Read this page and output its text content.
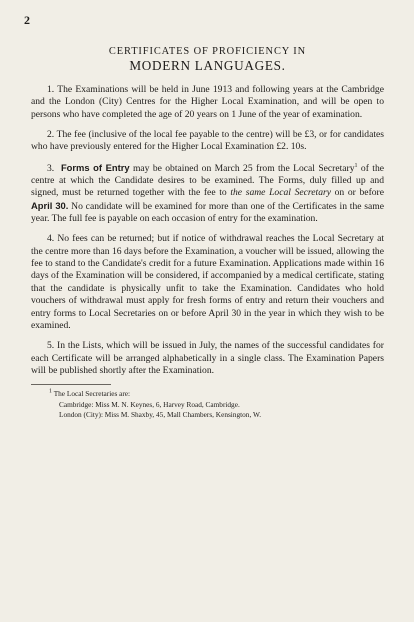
2
CERTIFICATES OF PROFICIENCY IN
MODERN LANGUAGES.

1. The Examinations will be held in June 1913 and following years at the Cambridge and the London (City) Centres for the Higher Local Examination, and will be open to persons who have completed the age of 20 years on 1 June of the year of examination.

2. The fee (inclusive of the local fee payable to the centre) will be £3, or for candidates who have previously entered for the Higher Local Examination £2. 10s.

3. Forms of Entry may be obtained on March 25 from the Local Secretary$^1$ of the centre at which the Candidate desires to be examined. The Forms, duly filled up and signed, must be returned together with the fee to the same Local Secretary on or before April 30. No candidate will be examined for more than one of the Certificates in the same year. The full fee is payable on each occasion of entry for the examination.

4. No fees can be returned; but if notice of withdrawal reaches the Local Secretary at the centre more than 16 days before the Examination, a voucher will be issued, allowing the fee to stand to the Candidate's credit for a future Examination. Applications made within 16 days of the Examination will be considered, if accompanied by a medical certificate, stating that the candidate is physically unfit to take the Examination. Candidates who hold vouchers of withdrawal must apply for fresh forms of entry and return their vouchers and entry forms to Local Secretaries on or before April 30 in the year in which they wish to be examined.

5. In the Lists, which will be issued in July, the names of the successful candidates for each Certificate will be arranged alphabetically in a single class. The Examination Papers will be published shortly after the Examination.

$^1$ The Local Secretaries are:
Cambridge: Miss M. N. Keynes, 6, Harvey Road, Cambridge.
London (City): Miss M. Shaxby, 45, Mall Chambers, Kensington, W.
